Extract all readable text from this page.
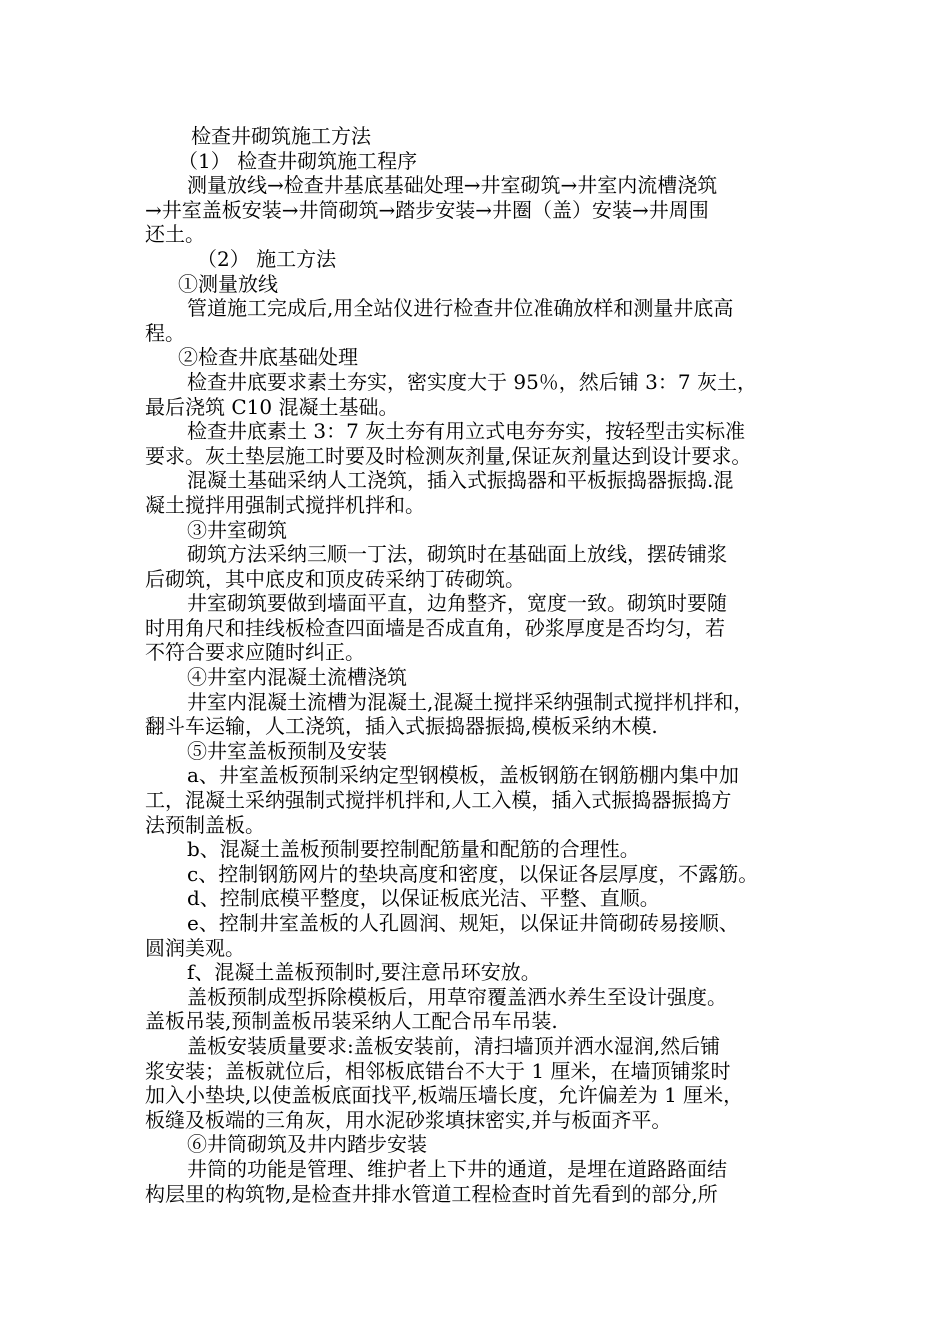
检查井砌筑施工方法
（1） 检查井砌筑施工程序
测量放线→检查井基底基础处理→井室砌筑→井室内流槽浇筑
→井室盖板安装→井筒砌筑→踏步安装→井圈（盖）安装→井周围
还土。
（2） 施工方法
①测量放线
管道施工完成后,用全站仪进行检查井位准确放样和测量井底高
程。
②检查井底基础处理
检查井底要求素土夯实，密实度大于 95％，然后铺 3：7 灰土，
最后浇筑 C10 混凝土基础。
检查井底素土 3：7 灰土夯有用立式电夯夯实，按轻型击实标准
要求。灰土垫层施工时要及时检测灰剂量,保证灰剂量达到设计要求。
混凝土基础采纳人工浇筑，插入式振捣器和平板振捣器振捣.混
凝土搅拌用强制式搅拌机拌和。
③井室砌筑
砌筑方法采纳三顺一丁法，砌筑时在基础面上放线，摆砖铺浆
后砌筑，其中底皮和顶皮砖采纳丁砖砌筑。
井室砌筑要做到墙面平直，边角整齐，宽度一致。砌筑时要随
时用角尺和挂线板检查四面墙是否成直角，砂浆厚度是否均匀，若
不符合要求应随时纠正。
④井室内混凝土流槽浇筑
井室内混凝土流槽为混凝土,混凝土搅拌采纳强制式搅拌机拌和，
翻斗车运输，人工浇筑，插入式振捣器振捣,模板采纳木模.
⑤井室盖板预制及安装
a、井室盖板预制采纳定型钢模板，盖板钢筋在钢筋棚内集中加
工，混凝土采纳强制式搅拌机拌和,人工入模，插入式振捣器振捣方
法预制盖板。
b、混凝土盖板预制要控制配筋量和配筋的合理性。
c、控制钢筋网片的垫块高度和密度，以保证各层厚度，不露筋。
d、控制底模平整度，以保证板底光洁、平整、直顺。
e、控制井室盖板的人孔圆润、规矩，以保证井筒砌砖易接顺、
圆润美观。
f、混凝土盖板预制时,要注意吊环安放。
盖板预制成型拆除模板后，用草帘覆盖洒水养生至设计强度。
盖板吊装,预制盖板吊装采纳人工配合吊车吊装.
盖板安装质量要求:盖板安装前，清扫墙顶并洒水湿润,然后铺
浆安装；盖板就位后，相邻板底错台不大于 1 厘米，在墙顶铺浆时
加入小垫块,以使盖板底面找平,板端压墙长度，允许偏差为 1 厘米，
板缝及板端的三角灰，用水泥砂浆填抹密实,并与板面齐平。
⑥井筒砌筑及井内踏步安装
井筒的功能是管理、维护者上下井的通道，是埋在道路路面结
构层里的构筑物,是检查井排水管道工程检查时首先看到的部分,所
